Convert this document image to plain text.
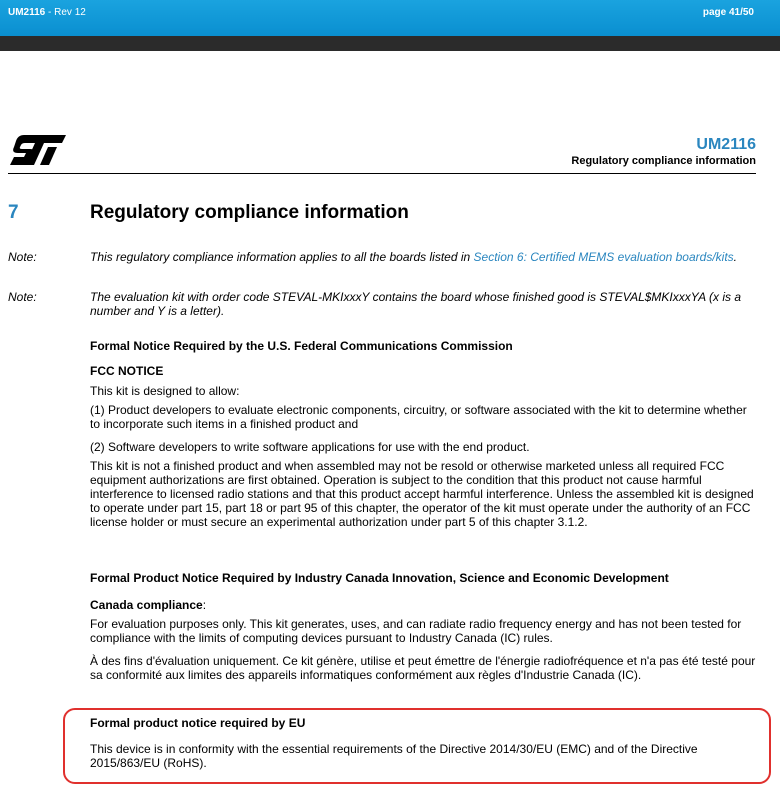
UM2116 - Rev 12	page 41/50
UM2116
Regulatory compliance information
7	Regulatory compliance information
Note:	This regulatory compliance information applies to all the boards listed in Section 6: Certified MEMS evaluation boards/kits.
Note:	The evaluation kit with order code STEVAL-MKIxxxY contains the board whose finished good is STEVAL$MKIxxxYA (x is a number and Y is a letter).
Formal Notice Required by the U.S. Federal Communications Commission
FCC NOTICE
This kit is designed to allow:
(1) Product developers to evaluate electronic components, circuitry, or software associated with the kit to determine whether to incorporate such items in a finished product and
(2) Software developers to write software applications for use with the end product.
This kit is not a finished product and when assembled may not be resold or otherwise marketed unless all required FCC equipment authorizations are first obtained. Operation is subject to the condition that this product not cause harmful interference to licensed radio stations and that this product accept harmful interference. Unless the assembled kit is designed to operate under part 15, part 18 or part 95 of this chapter, the operator of the kit must operate under the authority of an FCC license holder or must secure an experimental authorization under part 5 of this chapter 3.1.2.
Formal Product Notice Required by Industry Canada Innovation, Science and Economic Development
Canada compliance:
For evaluation purposes only. This kit generates, uses, and can radiate radio frequency energy and has not been tested for compliance with the limits of computing devices pursuant to Industry Canada (IC) rules.
À des fins d'évaluation uniquement. Ce kit génère, utilise et peut émettre de l'énergie radiofréquence et n'a pas été testé pour sa conformité aux limites des appareils informatiques conformément aux règles d'Industrie Canada (IC).
Formal product notice required by EU
This device is in conformity with the essential requirements of the Directive 2014/30/EU (EMC) and of the Directive 2015/863/EU (RoHS).
